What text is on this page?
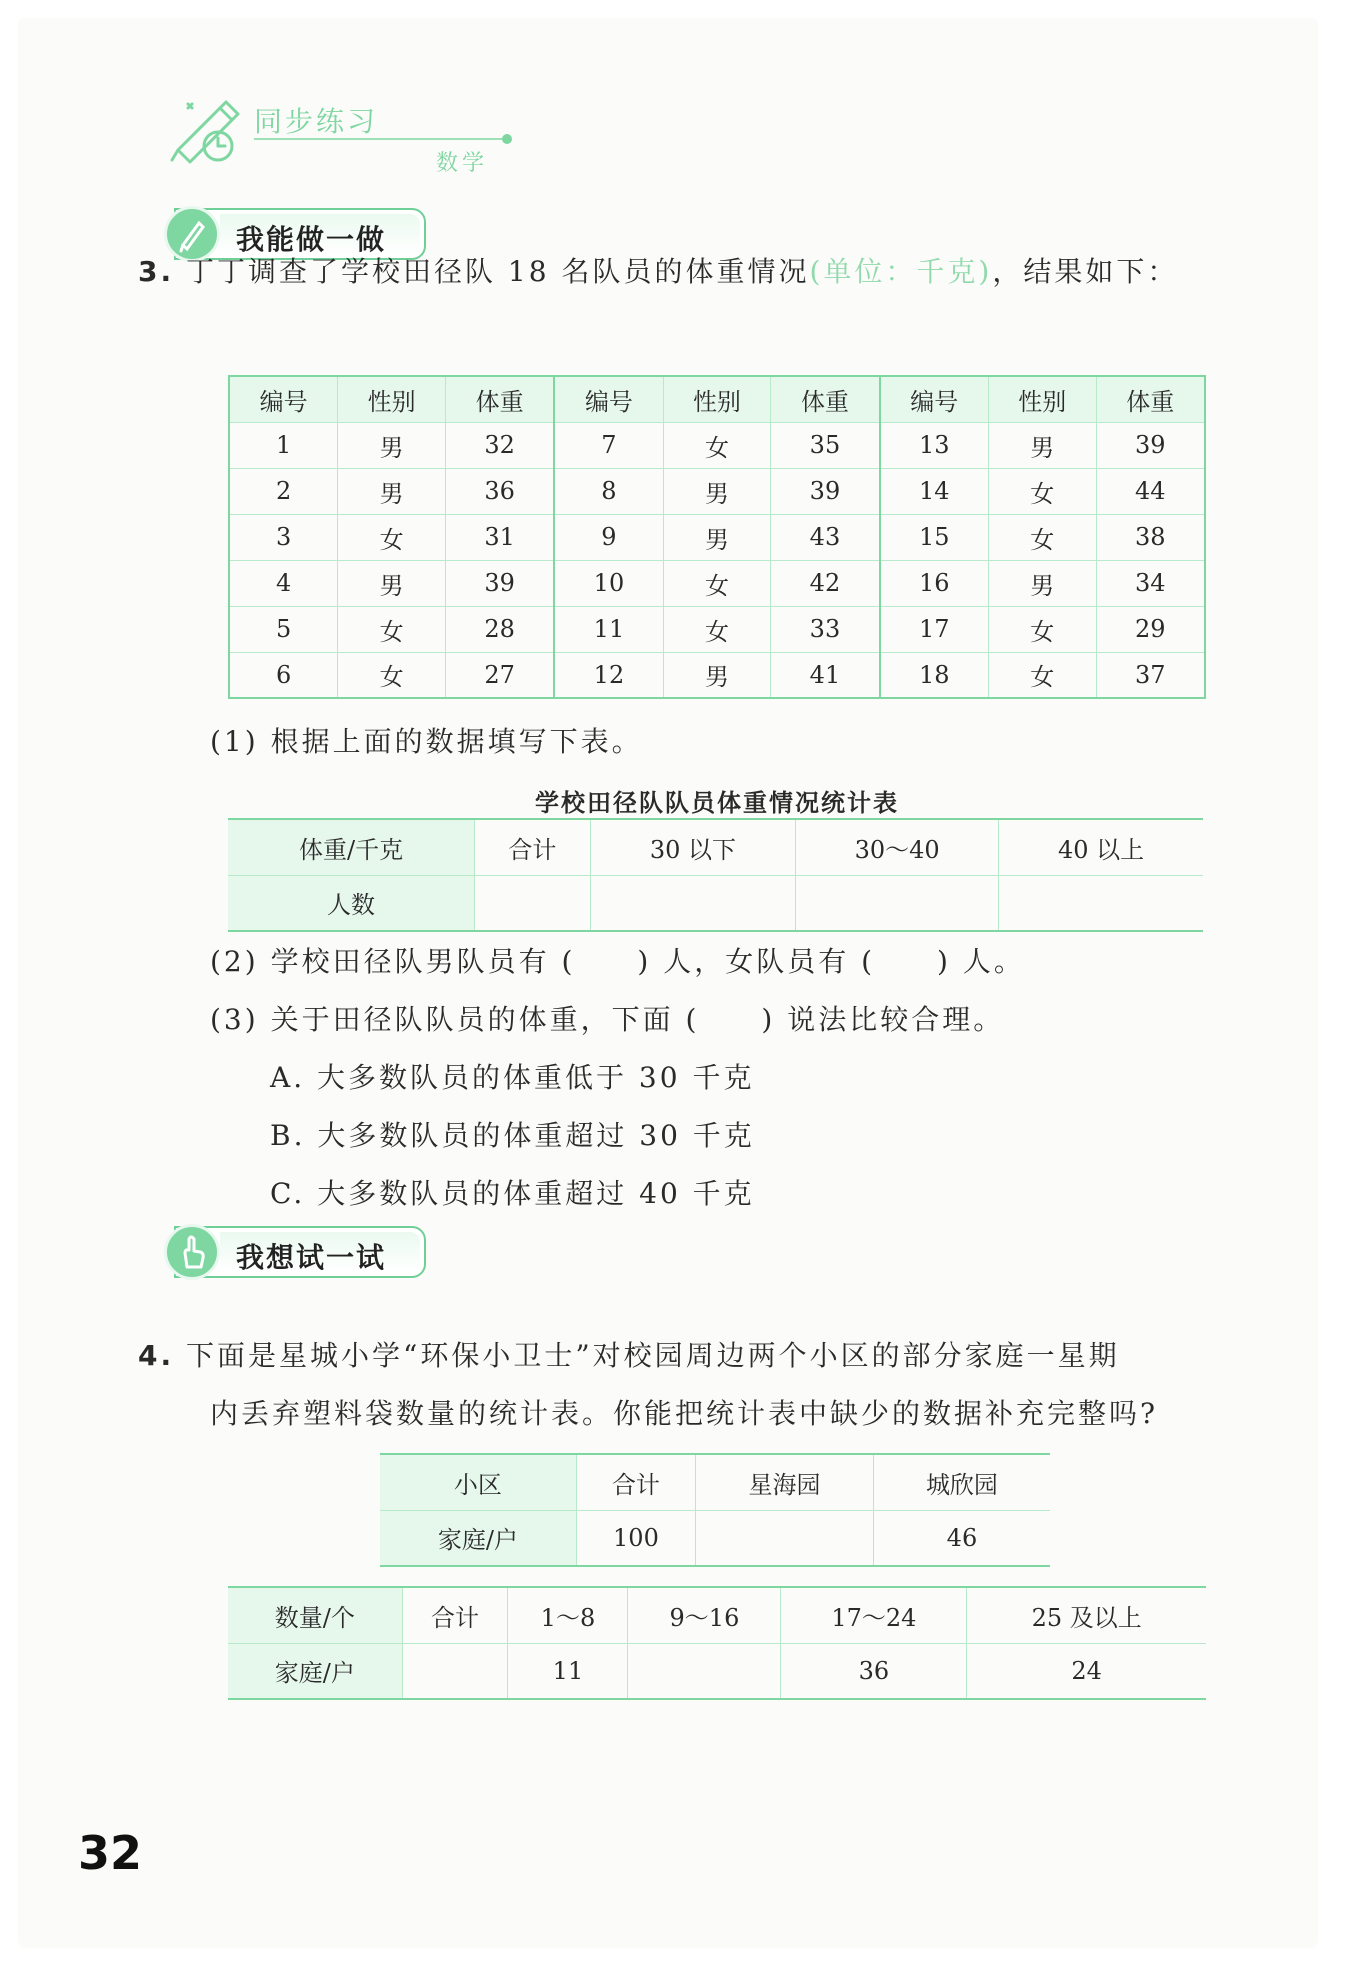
同步练习
数学
我能做一做
3. 丁丁调查了学校田径队 18 名队员的体重情况(单位：千克)，结果如下：
编号	性别	体重	编号	性别	体重	编号	性别	体重
1	男	32	7	女	35	13	男	39
2	男	36	8	男	39	14	女	44
3	女	31	9	男	43	15	女	38
4	男	39	10	女	42	16	男	34
5	女	28	11	女	33	17	女	29
6	女	27	12	男	41	18	女	37
(1) 根据上面的数据填写下表。
学校田径队队员体重情况统计表
体重/千克	合计	30 以下	30～40	40 以上
人数				
(2) 学校田径队男队员有 (　　) 人，女队员有 (　　) 人。
(3) 关于田径队队员的体重，下面 (　　) 说法比较合理。
A. 大多数队员的体重低于 30 千克
B. 大多数队员的体重超过 30 千克
C. 大多数队员的体重超过 40 千克
我想试一试
4. 下面是星城小学“环保小卫士”对校园周边两个小区的部分家庭一星期
内丢弃塑料袋数量的统计表。你能把统计表中缺少的数据补充完整吗?
小区	合计	星海园	城欣园
家庭/户	100		46
数量/个	合计	1～8	9～16	17～24	25 及以上
家庭/户		11		36	24
32
